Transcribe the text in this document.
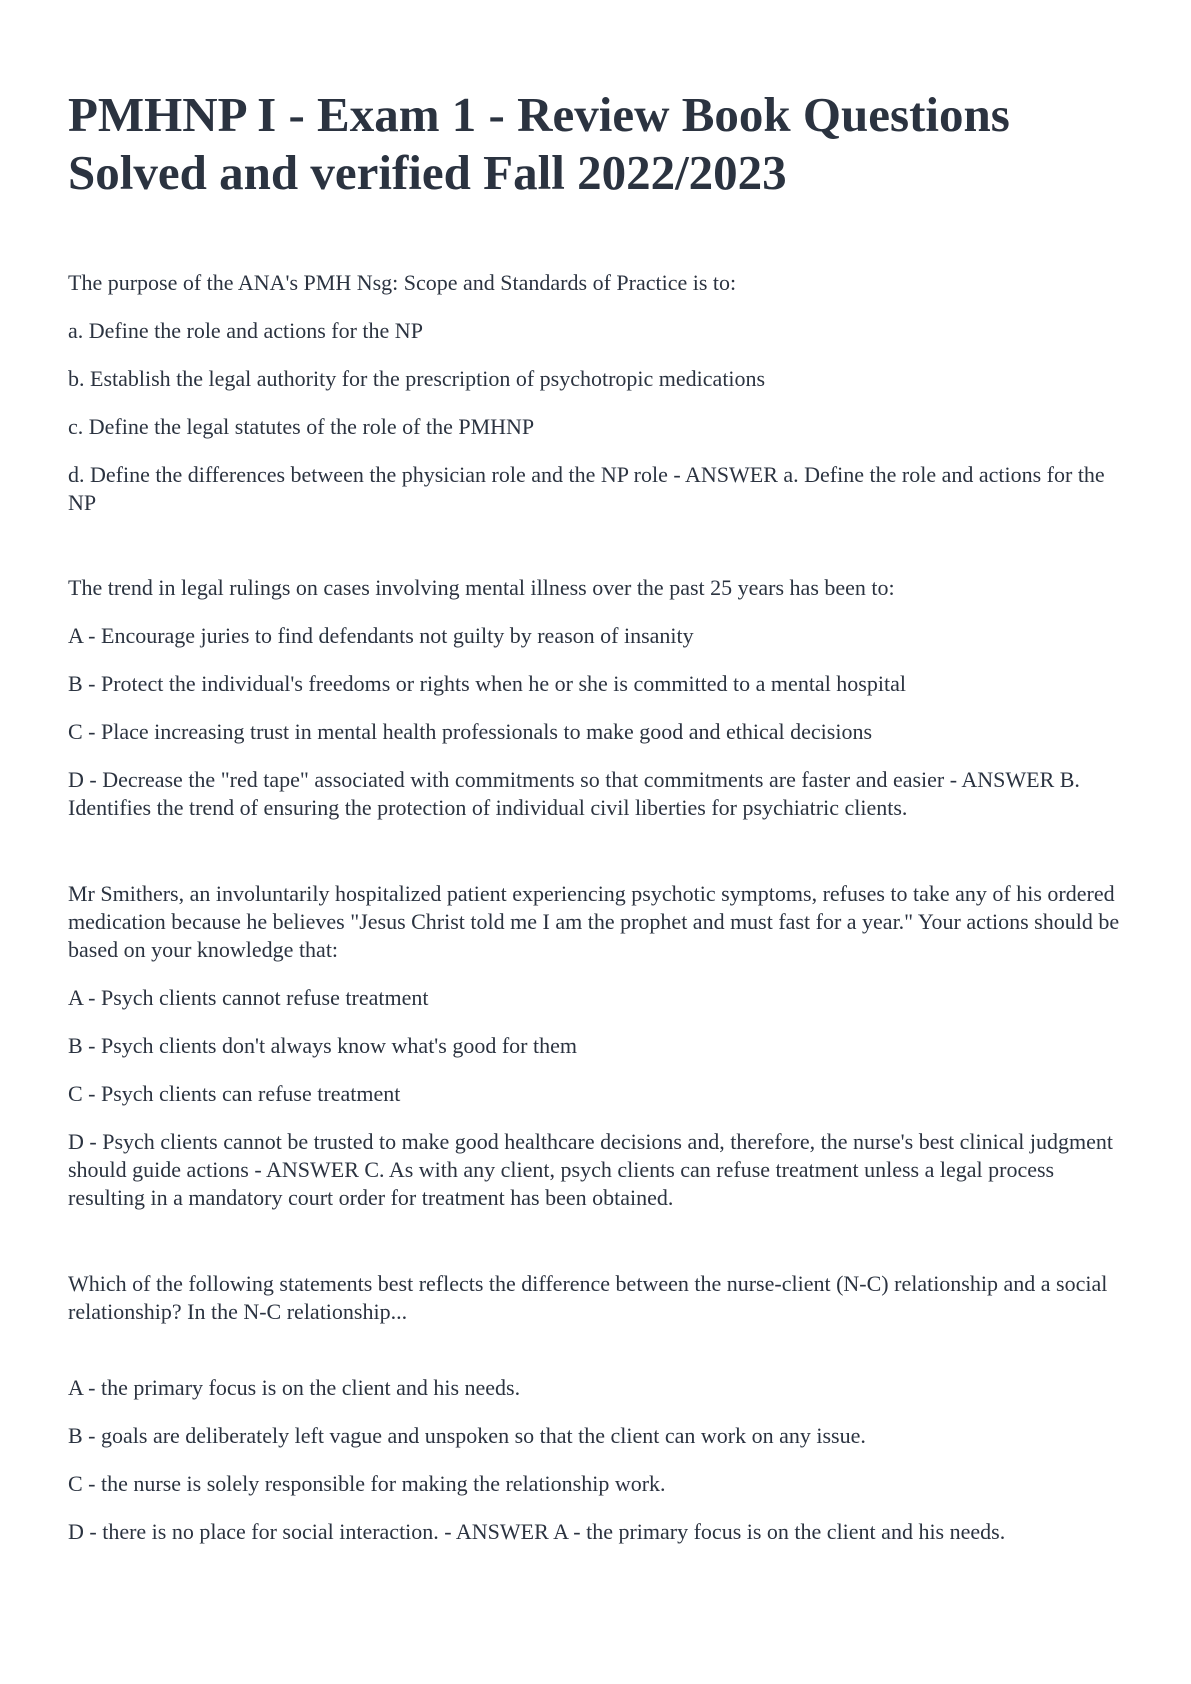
PMHNP I - Exam 1 - Review Book Questions Solved and verified Fall 2022/2023

The purpose of the ANA's PMH Nsg: Scope and Standards of Practice is to:

a. Define the role and actions for the NP

b. Establish the legal authority for the prescription of psychotropic medications

c. Define the legal statutes of the role of the PMHNP

d. Define the differences between the physician role and the NP role - ANSWER a. Define the role and actions for the NP

The trend in legal rulings on cases involving mental illness over the past 25 years has been to:

A - Encourage juries to find defendants not guilty by reason of insanity

B - Protect the individual's freedoms or rights when he or she is committed to a mental hospital

C - Place increasing trust in mental health professionals to make good and ethical decisions

D - Decrease the "red tape" associated with commitments so that commitments are faster and easier - ANSWER B. Identifies the trend of ensuring the protection of individual civil liberties for psychiatric clients.

Mr Smithers, an involuntarily hospitalized patient experiencing psychotic symptoms, refuses to take any of his ordered medication because he believes "Jesus Christ told me I am the prophet and must fast for a year." Your actions should be based on your knowledge that:

A - Psych clients cannot refuse treatment

B - Psych clients don't always know what's good for them

C - Psych clients can refuse treatment

D - Psych clients cannot be trusted to make good healthcare decisions and, therefore, the nurse's best clinical judgment should guide actions - ANSWER C. As with any client, psych clients can refuse treatment unless a legal process resulting in a mandatory court order for treatment has been obtained.

Which of the following statements best reflects the difference between the nurse-client (N-C) relationship and a social relationship? In the N-C relationship...

A - the primary focus is on the client and his needs.

B - goals are deliberately left vague and unspoken so that the client can work on any issue.

C - the nurse is solely responsible for making the relationship work.

D - there is no place for social interaction. - ANSWER A - the primary focus is on the client and his needs.
